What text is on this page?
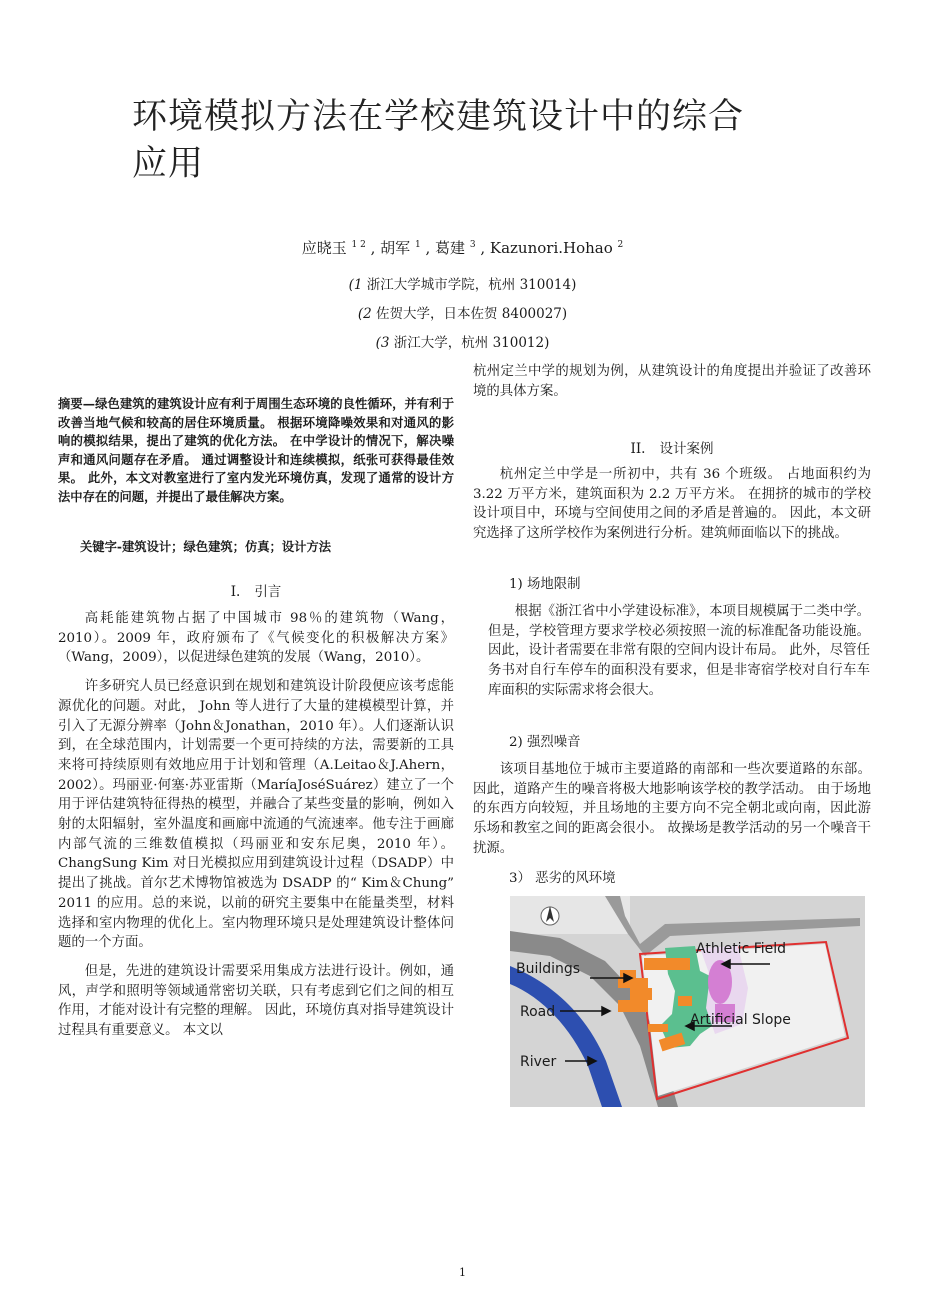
环境模拟方法在学校建筑设计中的综合
应用
应晓玉 $^{1 2}$ , 胡军 $^1$ , 葛建 $^3$ , Kazunori.Hohao $^2$
(1 浙江大学城市学院，杭州 310014)
(2 佐贺大学，日本佐贺 8400027)
(3 浙江大学，杭州 310012)
摘要—绿色建筑的建筑设计应有利于周围生态环境的良性循环，并有利于改善当地气候和较高的居住环境质量。 根据环境降噪效果和对通风的影响的模拟结果，提出了建筑的优化方法。 在中学设计的情况下，解决噪声和通风问题存在矛盾。 通过调整设计和连续模拟，纸张可获得最佳效果。 此外，本文对教室进行了室内发光环境仿真，发现了通常的设计方法中存在的问题，并提出了最佳解决方案。
关键字-建筑设计；绿色建筑；仿真；设计方法
I. 引言

高耗能建筑物占据了中国城市 98％的建筑物（Wang，2010）。2009 年，政府颁布了《气候变化的积极解决方案》（Wang，2009），以促进绿色建筑的发展（Wang，2010）。

许多研究人员已经意识到在规划和建筑设计阶段便应该考虑能源优化的问题。对此， John 等人进行了大量的建模模型计算，并引入了无源分辨率（John＆Jonathan，2010 年）。人们逐渐认识到，在全球范围内，计划需要一个更可持续的方法，需要新的工具来将可持续原则有效地应用于计划和管理（A.Leitao＆J.Ahern，2002）。玛丽亚·何塞·苏亚雷斯（MaríaJoséSuárez）建立了一个用于评估建筑特征得热的模型，并融合了某些变量的影响，例如入射的太阳辐射，室外温度和画廊中流通的气流速率。他专注于画廊内部气流的三维数值模拟（玛丽亚和安东尼奥，2010 年）。 ChangSung Kim 对日光模拟应用到建筑设计过程（DSADP）中提出了挑战。首尔艺术博物馆被选为 DSADP 的“ Kim＆Chung” 2011 的应用。总的来说，以前的研究主要集中在能量类型，材料选择和室内物理的优化上。室内物理环境只是处理建筑设计整体问题的一个方面。

但是，先进的建筑设计需要采用集成方法进行设计。例如，通风，声学和照明等领域通常密切关联，只有考虑到它们之间的相互作用，才能对设计有完整的理解。 因此，环境仿真对指导建筑设计过程具有重要意义。 本文以

杭州定兰中学的规划为例，从建筑设计的角度提出并验证了改善环境的具体方案。
II. 设计案例

杭州定兰中学是一所初中，共有 36 个班级。 占地面积约为 3.22 万平方米，建筑面积为 2.2 万平方米。 在拥挤的城市的学校设计项目中，环境与空间使用之间的矛盾是普遍的。 因此，本文研究选择了这所学校作为案例进行分析。建筑师面临以下的挑战。

1) 场地限制

根据《浙江省中小学建设标准》，本项目规模属于二类中学。 但是，学校管理方要求学校必须按照一流的标准配备功能设施。 因此，设计者需要在非常有限的空间内设计布局。 此外，尽管任务书对自行车停车的面积没有要求，但是非寄宿学校对自行车车库面积的实际需求将会很大。

2) 强烈噪音

该项目基地位于城市主要道路的南部和一些次要道路的东部。 因此，道路产生的噪音将极大地影响该学校的教学活动。 由于场地的东西方向较短，并且场地的主要方向不完全朝北或向南，因此游乐场和教室之间的距离会很小。 故操场是教学活动的另一个噪音干扰源。

3） 恶劣的风环境
Athletic Field
Buildings
Road	Artificial Slope
River
1
